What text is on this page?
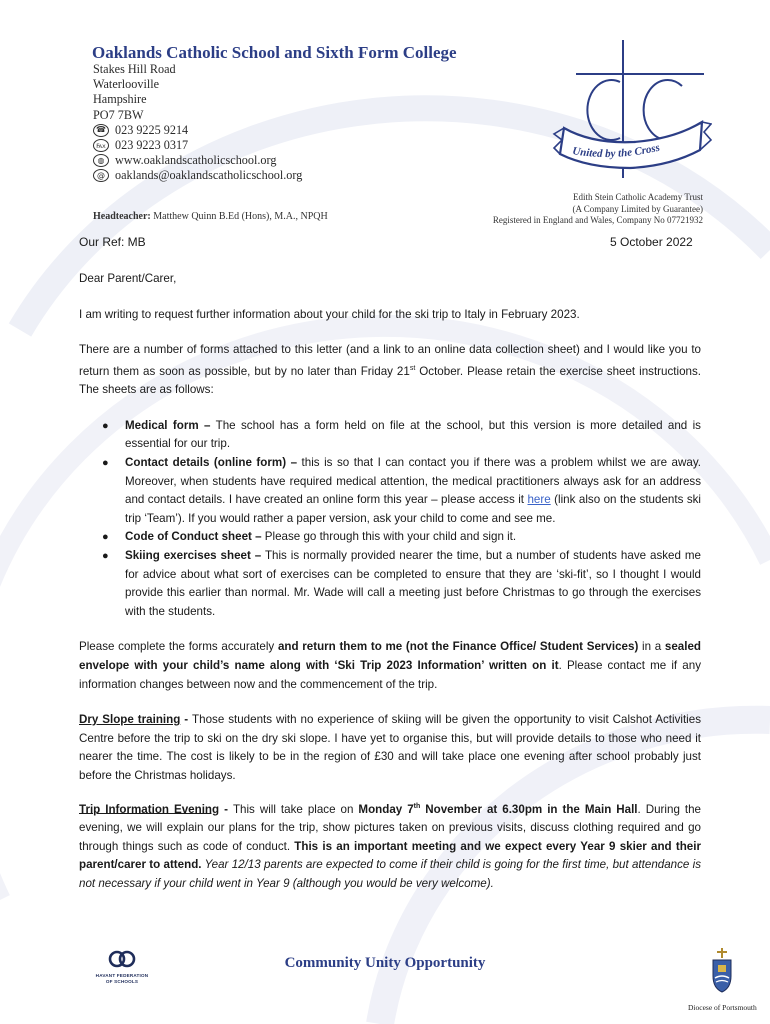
Oaklands Catholic School and Sixth Form College
Stakes Hill Road
Waterlooville
Hampshire
PO7 7BW
☎ 023 9225 9214
℻ 023 9223 0317
◍ www.oaklandscatholicschool.org
@ oaklands@oaklandscatholicschool.org
Headteacher: Matthew Quinn B.Ed (Hons), M.A., NPQH
Edith Stein Catholic Academy Trust
(A Company Limited by Guarantee)
Registered in England and Wales, Company No 07721932
United by the Cross
Our Ref: MB	5 October 2022

Dear Parent/Carer,

I am writing to request further information about your child for the ski trip to Italy in February 2023.

There are a number of forms attached to this letter (and a link to an online data collection sheet) and I would like you to return them as soon as possible, but by no later than Friday 21st October. Please retain the exercise sheet instructions. The sheets are as follows:

● Medical form – The school has a form held on file at the school, but this version is more detailed and is essential for our trip.
● Contact details (online form) – this is so that I can contact you if there was a problem whilst we are away. Moreover, when students have required medical attention, the medical practitioners always ask for an address and contact details. I have created an online form this year – please access it here (link also on the students ski trip ‘Team’). If you would rather a paper version, ask your child to come and see me.
● Code of Conduct sheet – Please go through this with your child and sign it.
● Skiing exercises sheet – This is normally provided nearer the time, but a number of students have asked me for advice about what sort of exercises can be completed to ensure that they are ‘ski-fit’, so I thought I would provide this earlier than normal. Mr. Wade will call a meeting just before Christmas to go through the exercises with the students.

Please complete the forms accurately and return them to me (not the Finance Office/ Student Services) in a sealed envelope with your child’s name along with ‘Ski Trip 2023 Information’ written on it. Please contact me if any information changes between now and the commencement of the trip.

Dry Slope training - Those students with no experience of skiing will be given the opportunity to visit Calshot Activities Centre before the trip to ski on the dry ski slope. I have yet to organise this, but will provide details to those who need it nearer the time. The cost is likely to be in the region of £30 and will take place one evening after school probably just before the Christmas holidays.

Trip Information Evening - This will take place on Monday 7th November at 6.30pm in the Main Hall. During the evening, we will explain our plans for the trip, show pictures taken on previous visits, discuss clothing required and go through things such as code of conduct. This is an important meeting and we expect every Year 9 skier and their parent/carer to attend. Year 12/13 parents are expected to come if their child is going for the first time, but attendance is not necessary if your child went in Year 9 (although you would be very welcome).

HAVANT FEDERATION
OF SCHOOLS
Community Unity Opportunity
Diocese of Portsmouth
